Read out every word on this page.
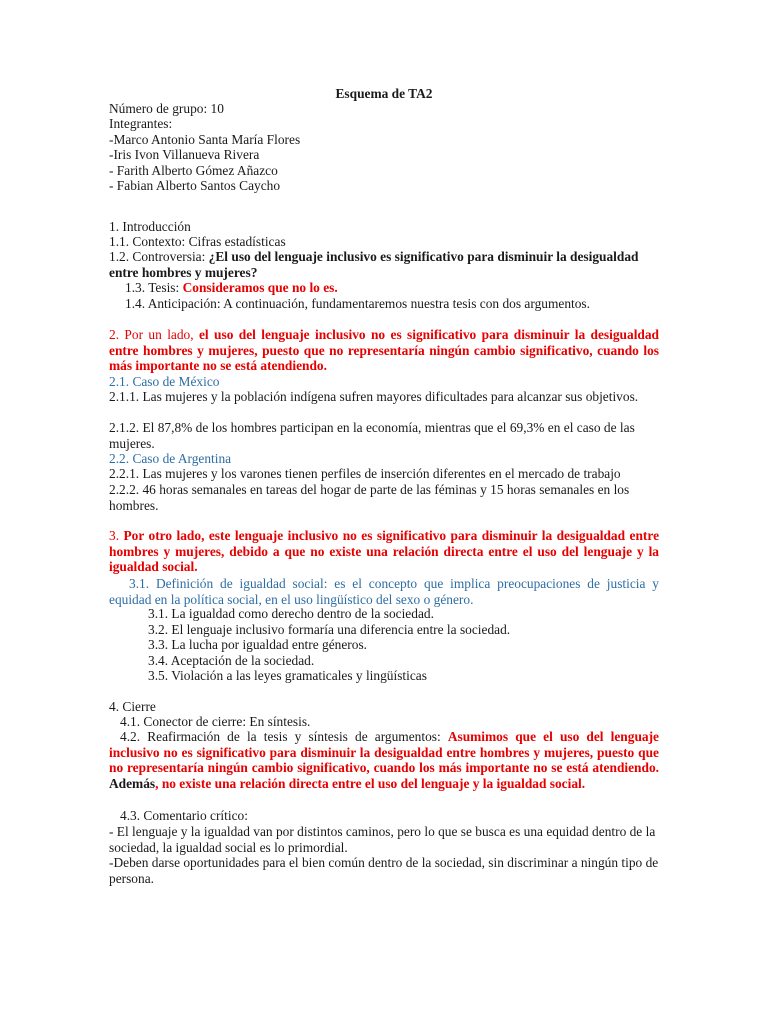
Esquema de TA2
Número de grupo: 10
Integrantes:
-Marco Antonio Santa María Flores
-Iris Ivon Villanueva Rivera
- Farith Alberto Gómez Añazco
- Fabian Alberto Santos Caycho
1. Introducción
1.1. Contexto: Cifras estadísticas
1.2. Controversia: ¿El uso del lenguaje inclusivo es significativo para disminuir la desigualdad entre hombres y mujeres?
1.3. Tesis: Consideramos que no lo es.
1.4. Anticipación: A continuación, fundamentaremos nuestra tesis con dos argumentos.
2. Por un lado, el uso del lenguaje inclusivo no es significativo para disminuir la desigualdad entre hombres y mujeres, puesto que no representaría ningún cambio significativo, cuando los más importante no se está atendiendo.
2.1. Caso de México
2.1.1. Las mujeres y la población indígena sufren mayores dificultades para alcanzar sus objetivos.
2.1.2. El 87,8% de los hombres participan en la economía, mientras que el 69,3% en el caso de las mujeres.
2.2. Caso de Argentina
2.2.1. Las mujeres y los varones tienen perfiles de inserción diferentes en el mercado de trabajo
2.2.2. 46 horas semanales en tareas del hogar de parte de las féminas y 15 horas semanales en los hombres.
3. Por otro lado, este lenguaje inclusivo no es significativo para disminuir la desigualdad entre hombres y mujeres, debido a que no existe una relación directa entre el uso del lenguaje y la igualdad social.
3.1. Definición de igualdad social: es el concepto que implica preocupaciones de justicia y equidad en la política social, en el uso lingüístico del sexo o género.
3.1. La igualdad como derecho dentro de la sociedad.
3.2. El lenguaje inclusivo formaría una diferencia entre la sociedad.
3.3. La lucha por igualdad entre géneros.
3.4. Aceptación de la sociedad.
3.5. Violación a las leyes gramaticales y lingüísticas
4. Cierre
4.1. Conector de cierre: En síntesis.
4.2. Reafirmación de la tesis y síntesis de argumentos: Asumimos que el uso del lenguaje inclusivo no es significativo para disminuir la desigualdad entre hombres y mujeres, puesto que no representaría ningún cambio significativo, cuando los más importante no se está atendiendo. Además, no existe una relación directa entre el uso del lenguaje y la igualdad social.
4.3. Comentario crítico:
- El lenguaje y la igualdad van por distintos caminos, pero lo que se busca es una equidad dentro de la sociedad, la igualdad social es lo primordial.
-Deben darse oportunidades para el bien común dentro de la sociedad, sin discriminar a ningún tipo de persona.
